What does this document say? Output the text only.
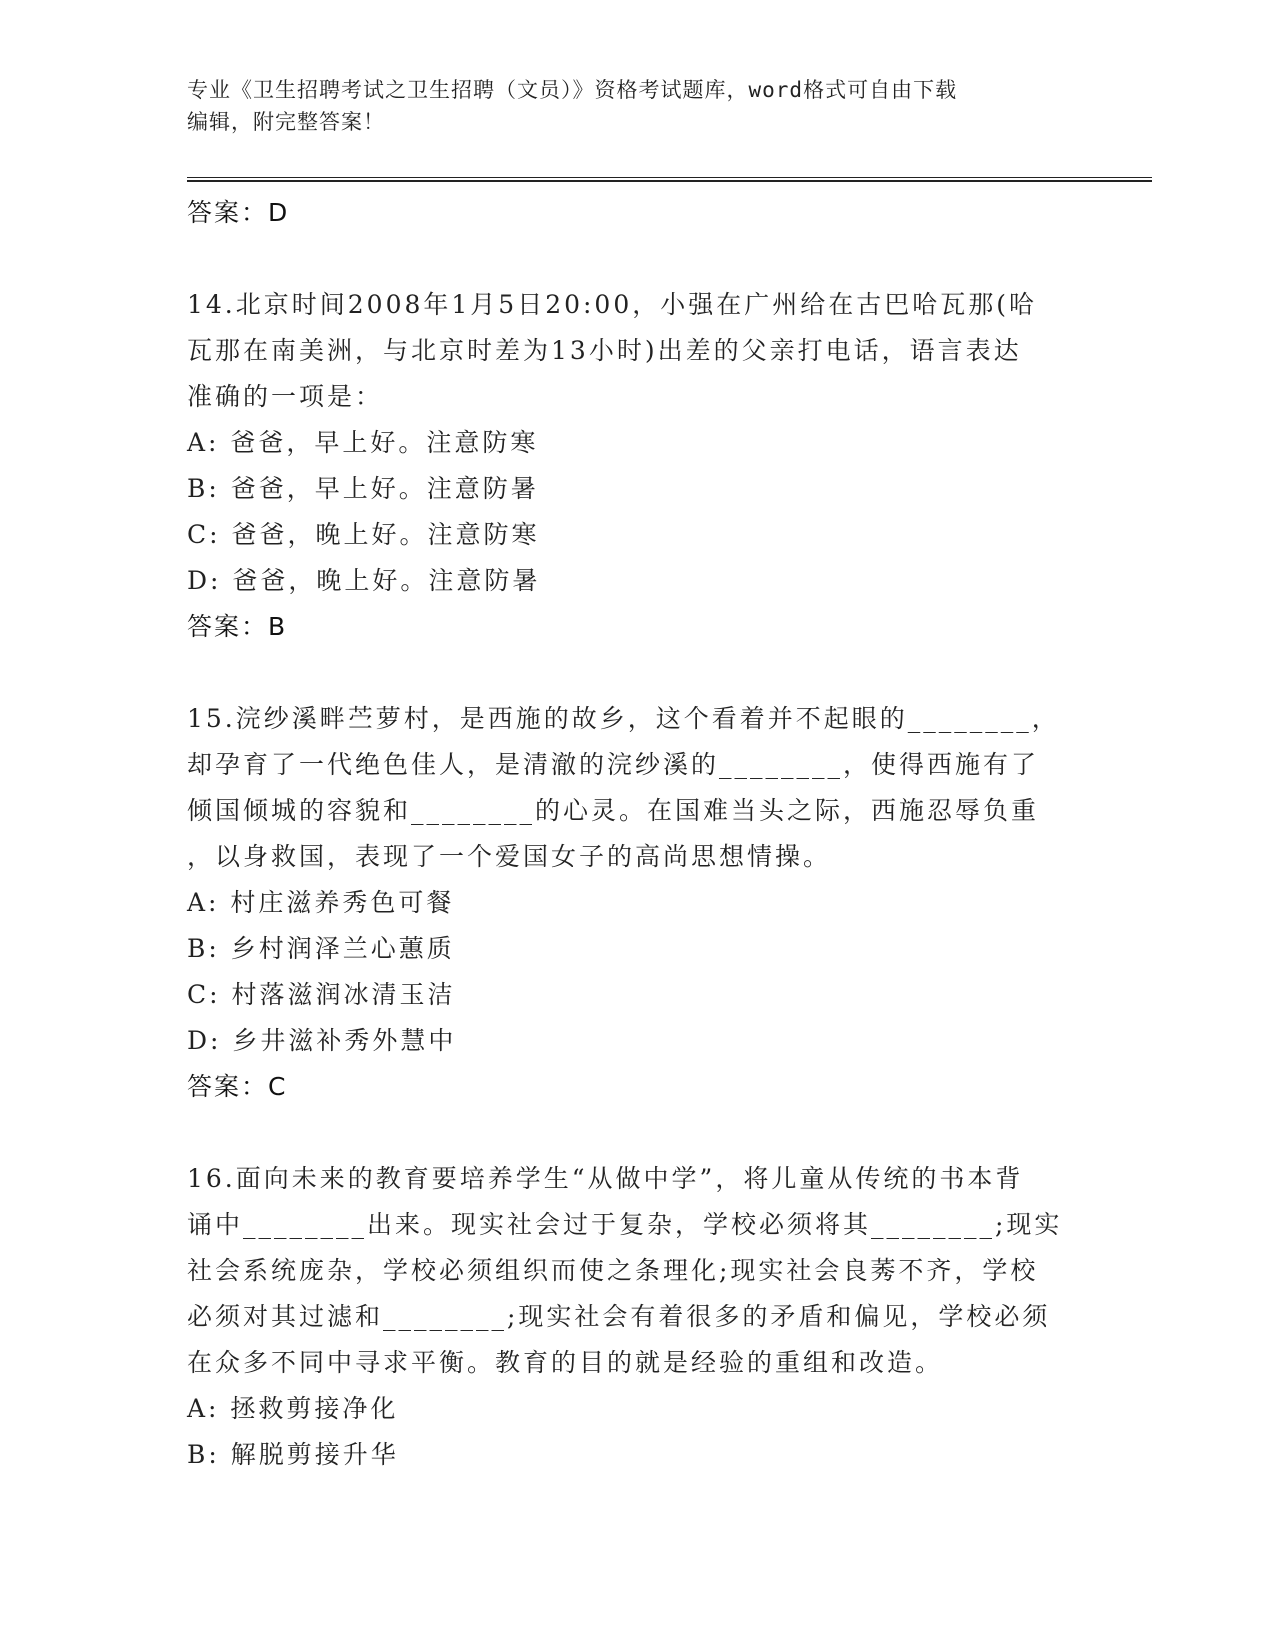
专业《卫生招聘考试之卫生招聘（文员）》资格考试题库，word格式可自由下载
编辑，附完整答案！
答案：D
14.北京时间2008年1月5日20:00，小强在广州给在古巴哈瓦那(哈
瓦那在南美洲，与北京时差为13小时)出差的父亲打电话，语言表达
准确的一项是：
A: 爸爸，早上好。注意防寒
B: 爸爸，早上好。注意防暑
C: 爸爸，晚上好。注意防寒
D: 爸爸，晚上好。注意防暑
答案：B
15.浣纱溪畔苎萝村，是西施的故乡，这个看着并不起眼的________，
却孕育了一代绝色佳人，是清澈的浣纱溪的________，使得西施有了
倾国倾城的容貌和________的心灵。在国难当头之际，西施忍辱负重
，以身救国，表现了一个爱国女子的高尚思想情操。
A: 村庄滋养秀色可餐
B: 乡村润泽兰心蕙质
C: 村落滋润冰清玉洁
D: 乡井滋补秀外慧中
答案：C
16.面向未来的教育要培养学生“从做中学”，将儿童从传统的书本背
诵中________出来。现实社会过于复杂，学校必须将其________;现实
社会系统庞杂，学校必须组织而使之条理化;现实社会良莠不齐，学校
必须对其过滤和________;现实社会有着很多的矛盾和偏见，学校必须
在众多不同中寻求平衡。教育的目的就是经验的重组和改造。
A: 拯救剪接净化
B: 解脱剪接升华
